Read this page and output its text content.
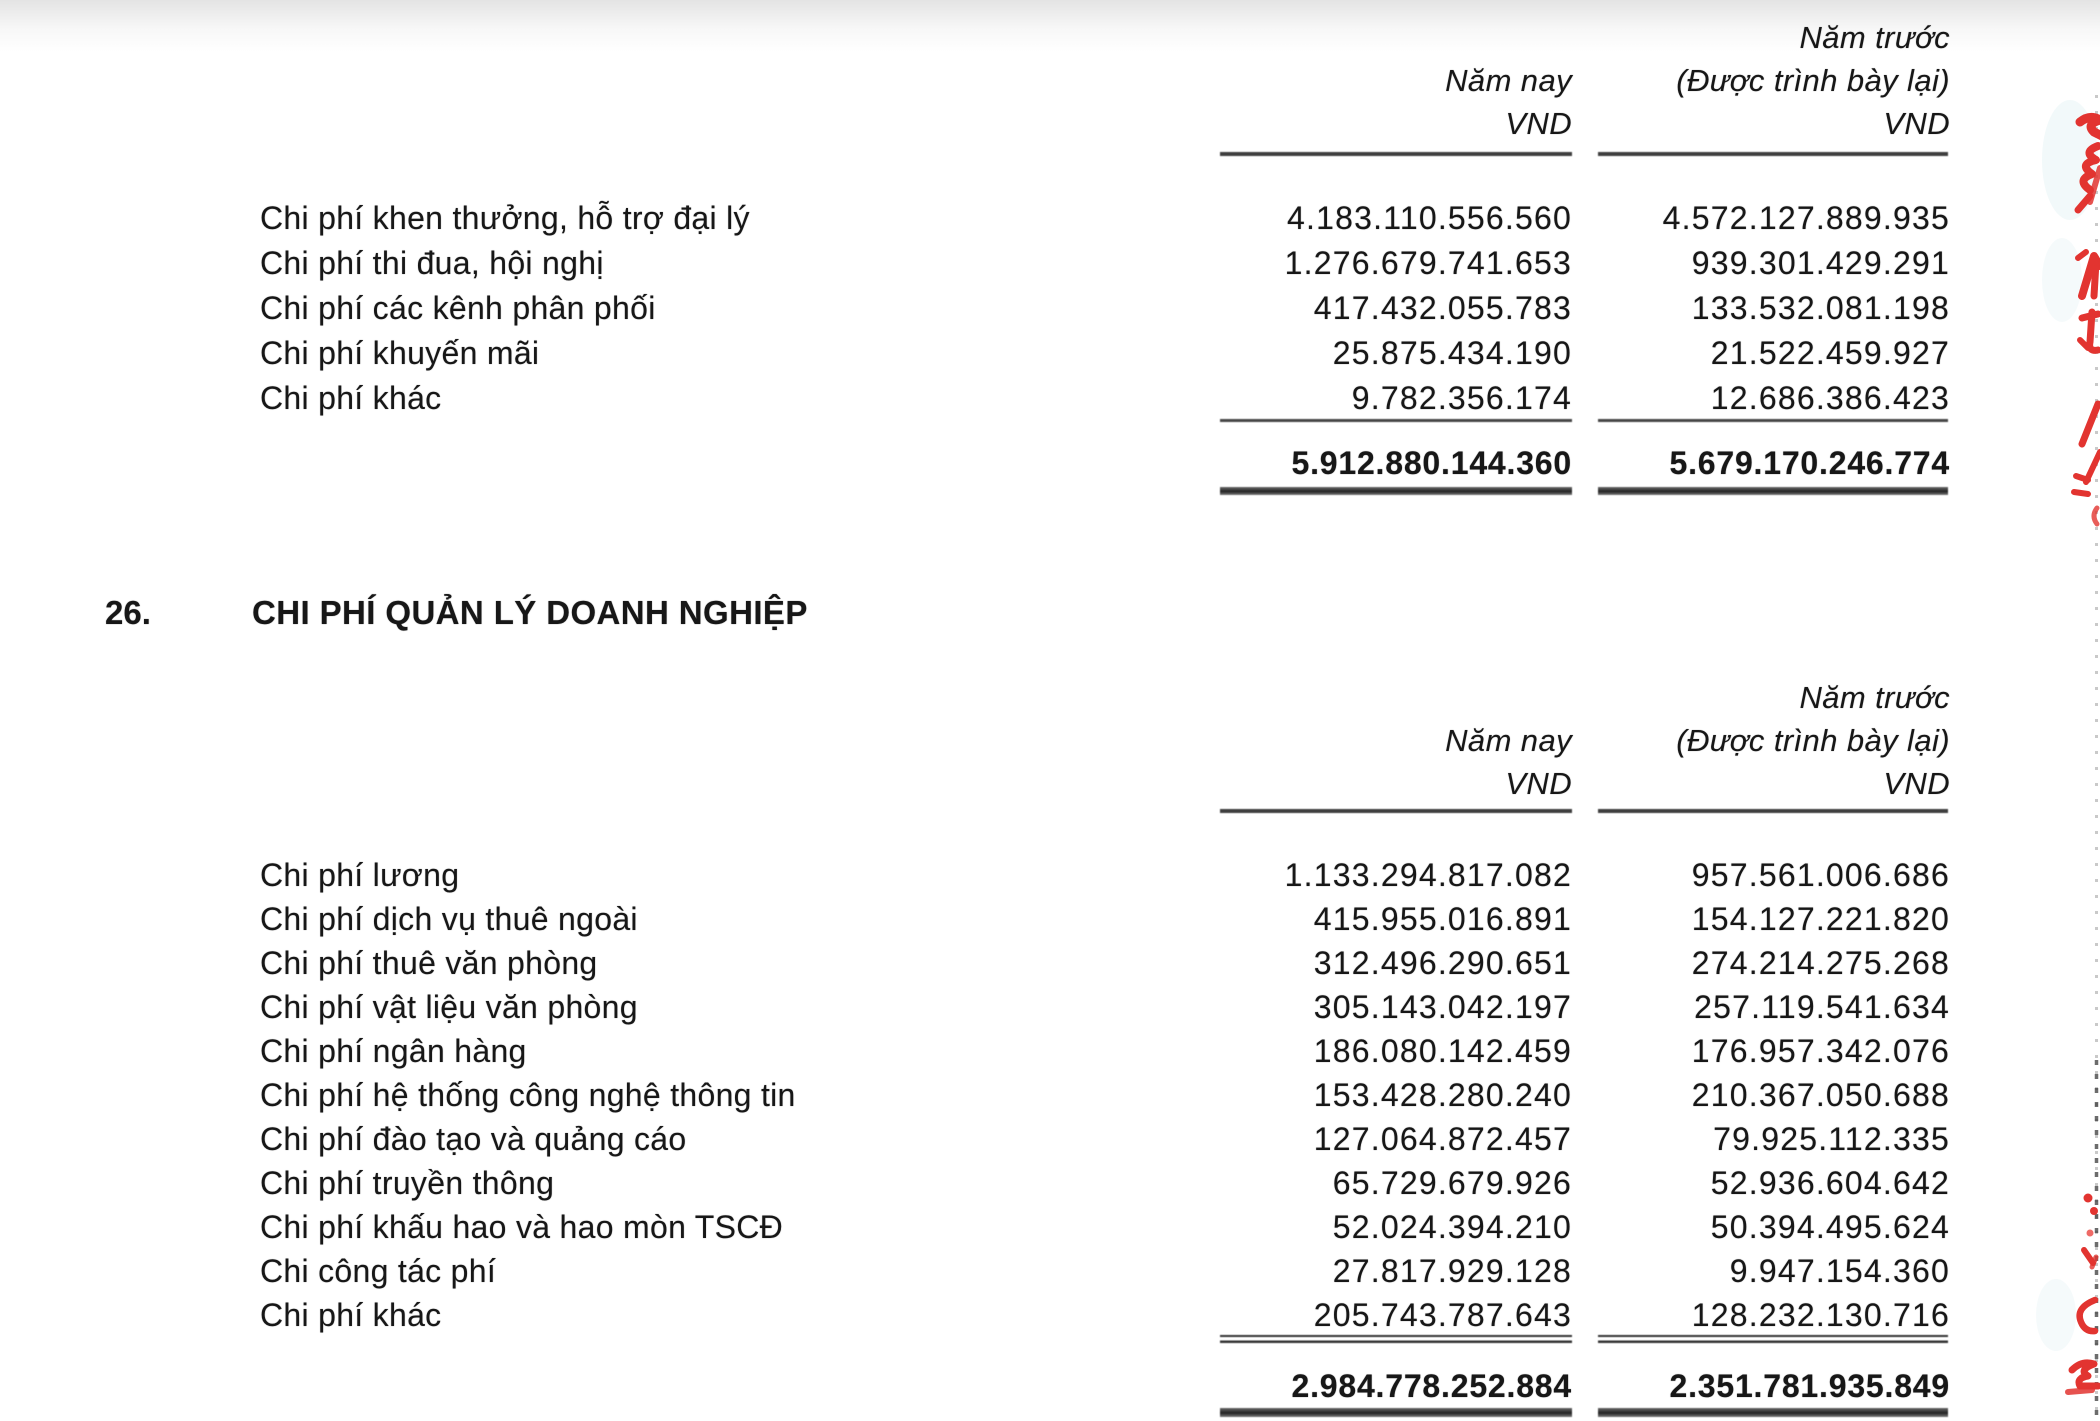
Năm trước
Năm nay	(Được trình bày lại)
VND	VND
Chi phí khen thưởng, hỗ trợ đại lý	4.183.110.556.560	4.572.127.889.935
Chi phí thi đua, hội nghị	1.276.679.741.653	939.301.429.291
Chi phí các kênh phân phối	417.432.055.783	133.532.081.198
Chi phí khuyến mãi	25.875.434.190	21.522.459.927
Chi phí khác	9.782.356.174	12.686.386.423
5.912.880.144.360	5.679.170.246.774
26.	CHI PHÍ QUẢN LÝ DOANH NGHIỆP
Năm trước
Năm nay	(Được trình bày lại)
VND	VND
Chi phí lương	1.133.294.817.082	957.561.006.686
Chi phí dịch vụ thuê ngoài	415.955.016.891	154.127.221.820
Chi phí thuê văn phòng	312.496.290.651	274.214.275.268
Chi phí vật liệu văn phòng	305.143.042.197	257.119.541.634
Chi phí ngân hàng	186.080.142.459	176.957.342.076
Chi phí hệ thống công nghệ thông tin	153.428.280.240	210.367.050.688
Chi phí đào tạo và quảng cáo	127.064.872.457	79.925.112.335
Chi phí truyền thông	65.729.679.926	52.936.604.642
Chi phí khấu hao và hao mòn TSCĐ	52.024.394.210	50.394.495.624
Chi công tác phí	27.817.929.128	9.947.154.360
Chi phí khác	205.743.787.643	128.232.130.716
2.984.778.252.884	2.351.781.935.849
